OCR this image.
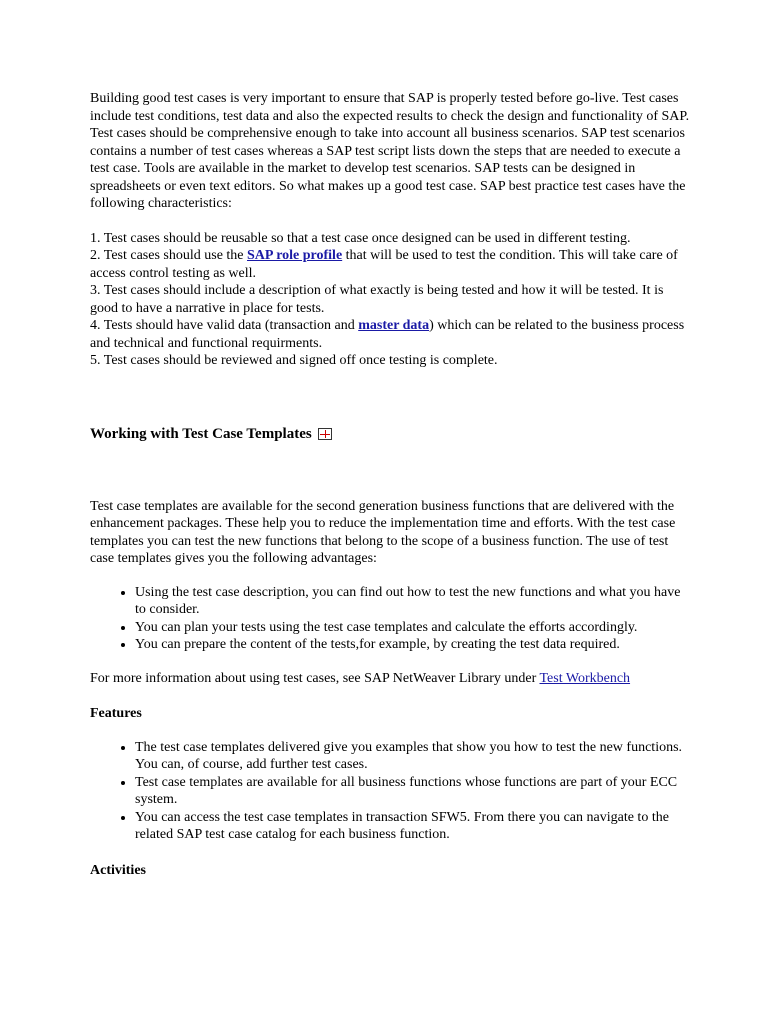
Building good test cases is very important to ensure that SAP is properly tested before go-live. Test cases include test conditions, test data and also the expected results to check the design and functionality of SAP. Test cases should be comprehensive enough to take into account all business scenarios. SAP test scenarios contains a number of test cases whereas a SAP test script lists down the steps that are needed to execute a test case. Tools are available in the market to develop test scenarios. SAP tests can be designed in spreadsheets or even text editors. So what makes up a good test case. SAP best practice test cases have the following characteristics:

1. Test cases should be reusable so that a test case once designed can be used in different testing.

2. Test cases should use the SAP role profile that will be used to test the condition. This will take care of access control testing as well.

3. Test cases should include a description of what exactly is being tested and how it will be tested. It is good to have a narrative in place for tests.

4. Tests should have valid data (transaction and master data) which can be related to the business process and technical and functional requirments.

5. Test cases should be reviewed and signed off once testing is complete.

Working with Test Case Templates

Test case templates are available for the second generation business functions that are delivered with the enhancement packages. These help you to reduce the implementation time and efforts. With the test case templates you can test the new functions that belong to the scope of a business function. The use of test case templates gives you the following advantages:

• Using the test case description, you can find out how to test the new functions and what you have to consider.
• You can plan your tests using the test case templates and calculate the efforts accordingly.
• You can prepare the content of the tests,for example, by creating the test data required.

For more information about using test cases, see SAP NetWeaver Library under Test Workbench

Features

• The test case templates delivered give you examples that show you how to test the new functions. You can, of course, add further test cases.
• Test case templates are available for all business functions whose functions are part of your ECC system.
• You can access the test case templates in transaction SFW5. From there you can navigate to the related SAP test case catalog for each business function.

Activities
